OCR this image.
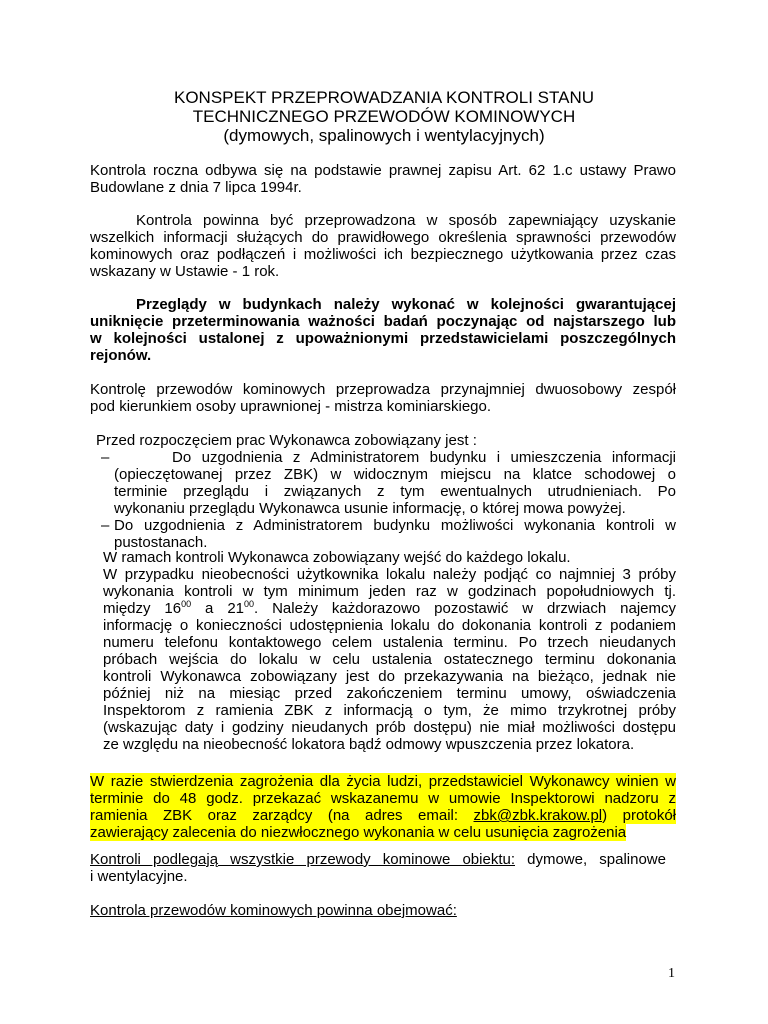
KONSPEKT PRZEPROWADZANIA KONTROLI STANU
TECHNICZNEGO PRZEWODÓW KOMINOWYCH
(dymowych, spalinowych i wentylacyjnych)
Kontrola roczna odbywa się na podstawie prawnej zapisu Art. 62 1.c ustawy Prawo
Budowlane z dnia 7 lipca 1994r.
Kontrola powinna być przeprowadzona w sposób zapewniający uzyskanie
wszelkich informacji służących do prawidłowego określenia sprawności przewodów
kominowych oraz podłączeń i możliwości ich bezpiecznego użytkowania przez czas
wskazany w Ustawie - 1 rok.
Przeglądy w budynkach należy wykonać w kolejności gwarantującej
uniknięcie przeterminowania ważności badań poczynając od najstarszego lub
w kolejności ustalonej z upoważnionymi przedstawicielami poszczególnych
rejonów.
Kontrolę przewodów kominowych przeprowadza przynajmniej dwuosobowy zespół
pod kierunkiem osoby uprawnionej - mistrza kominiarskiego.
Przed rozpoczęciem prac Wykonawca zobowiązany jest :
–	Do uzgodnienia z Administratorem budynku i umieszczenia informacji
(opieczętowanej przez ZBK) w widocznym miejscu na klatce schodowej o
terminie przeglądu i związanych z tym ewentualnych utrudnieniach. Po
wykonaniu przeglądu Wykonawca usunie informację, o której mowa powyżej.
– Do uzgodnienia z Administratorem budynku możliwości wykonania kontroli w
pustostanach.
W ramach kontroli Wykonawca zobowiązany wejść do każdego lokalu.
W przypadku nieobecności użytkownika lokalu należy podjąć co najmniej 3 próby
wykonania kontroli w tym minimum jeden raz w godzinach popołudniowych tj.
między $16^{00}$ a $21^{00}$. Należy każdorazowo pozostawić w drzwiach najemcy
informację o konieczności udostępnienia lokalu do dokonania kontroli z podaniem
numeru telefonu kontaktowego celem ustalenia terminu. Po trzech nieudanych
próbach wejścia do lokalu w celu ustalenia ostatecznego terminu dokonania
kontroli Wykonawca zobowiązany jest do przekazywania na bieżąco, jednak nie
później niż na miesiąc przed zakończeniem terminu umowy, oświadczenia
Inspektorom z ramienia ZBK z informacją o tym, że mimo trzykrotnej próby
(wskazując daty i godziny nieudanych prób dostępu) nie miał możliwości dostępu
ze względu na nieobecność lokatora bądź odmowy wpuszczenia przez lokatora.
W razie stwierdzenia zagrożenia dla życia ludzi, przedstawiciel Wykonawcy winien w
terminie do 48 godz. przekazać wskazanemu w umowie Inspektorowi nadzoru z
ramienia ZBK oraz zarządcy (na adres email: zbk@zbk.krakow.pl) protokół
zawierający zalecenia do niezwłocznego wykonania w celu usunięcia zagrożenia
Kontroli podlegają wszystkie przewody kominowe obiektu: dymowe, spalinowe
i wentylacyjne.
Kontrola przewodów kominowych powinna obejmować:
1
